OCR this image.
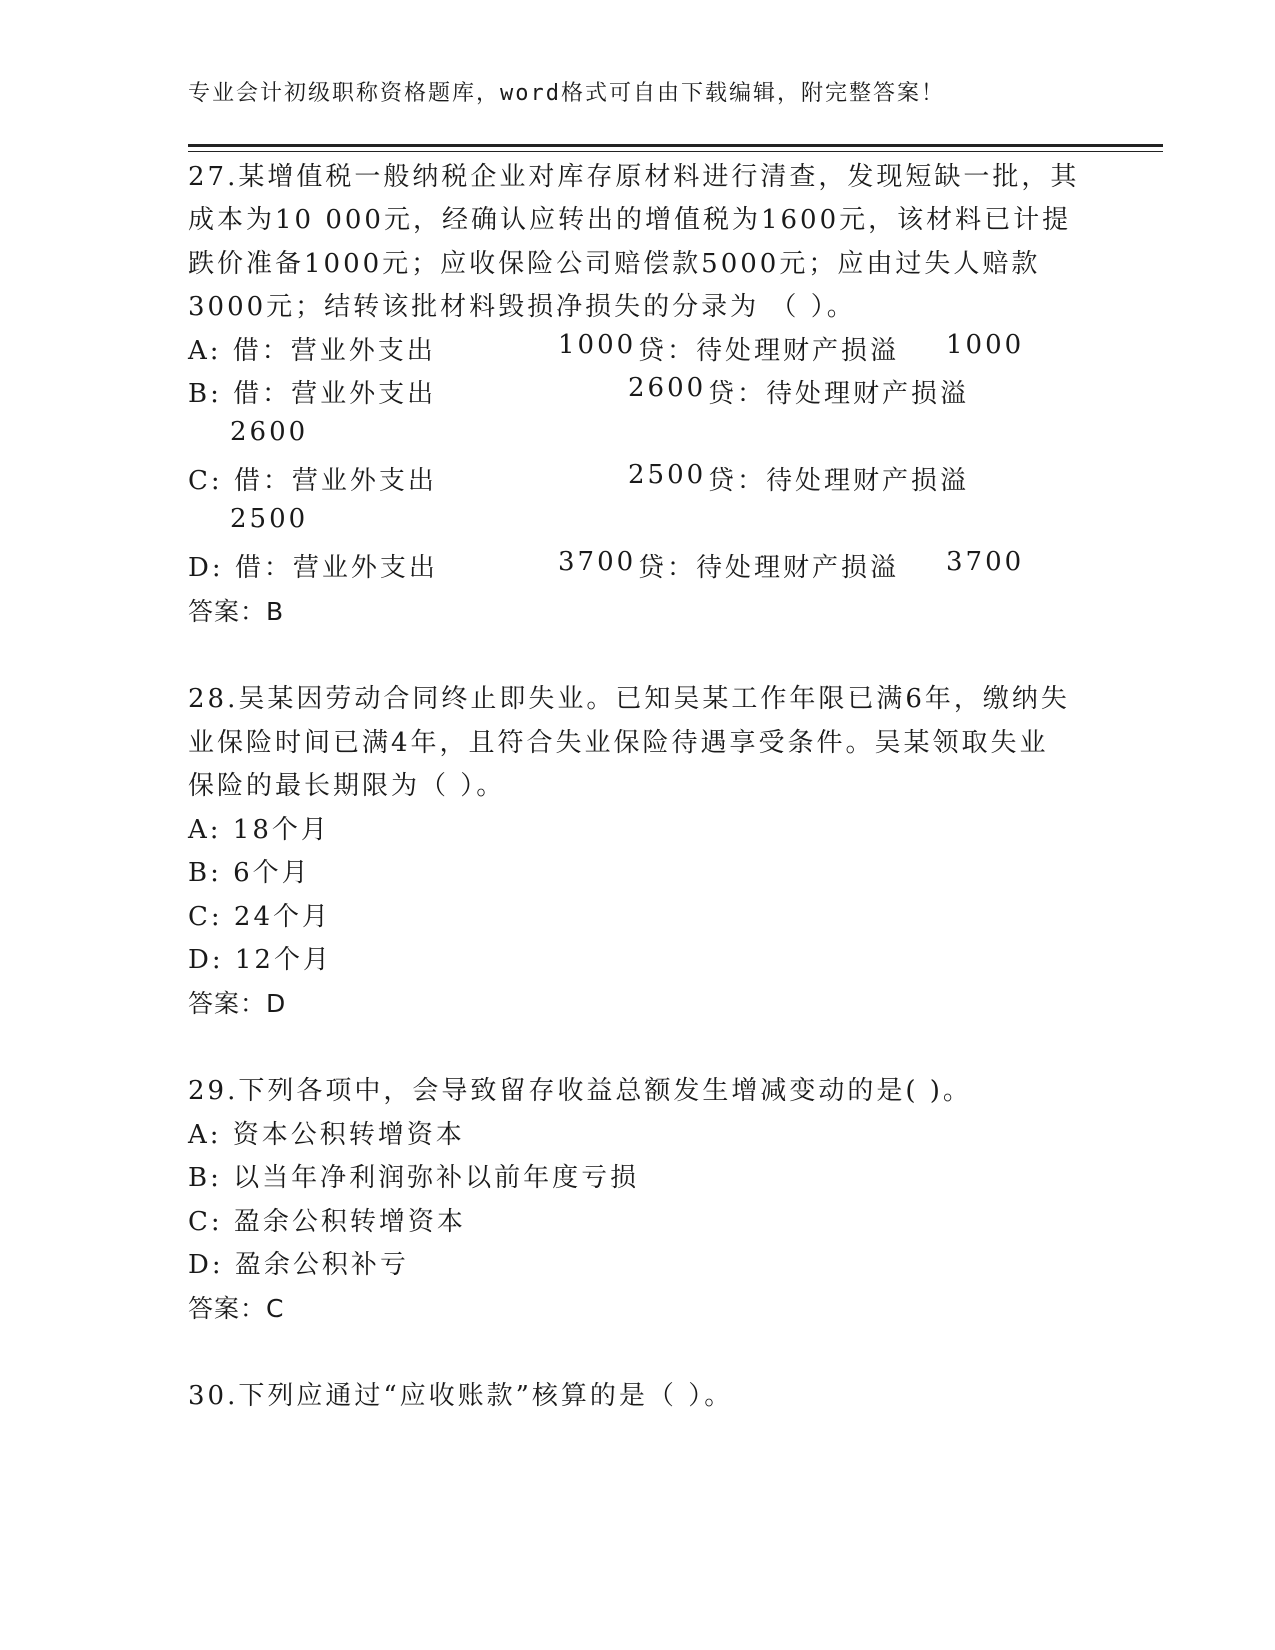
专业会计初级职称资格题库，word格式可自由下载编辑，附完整答案！
27.某增值税一般纳税企业对库存原材料进行清查，发现短缺一批，其
成本为10 000元，经确认应转出的增值税为1600元，该材料已计提
跌价准备1000元；应收保险公司赔偿款5000元；应由过失人赔款
3000元；结转该批材料毁损净损失的分录为 （ ）。
A: 借：营业外支出	1000 贷：待处理财产损溢 1000
B: 借：营业外支出	2600 贷：待处理财产损溢
2600
C: 借：营业外支出	2500 贷：待处理财产损溢
2500
D: 借：营业外支出	3700 贷：待处理财产损溢 3700
答案：B
28.吴某因劳动合同终止即失业。已知吴某工作年限已满6年，缴纳失
业保险时间已满4年，且符合失业保险待遇享受条件。吴某领取失业
保险的最长期限为（ ）。
A: 18个月
B: 6个月
C: 24个月
D: 12个月
答案：D
29.下列各项中，会导致留存收益总额发生增减变动的是( )。
A: 资本公积转增资本
B: 以当年净利润弥补以前年度亏损
C: 盈余公积转增资本
D: 盈余公积补亏
答案：C
30.下列应通过“应收账款”核算的是（ ）。
